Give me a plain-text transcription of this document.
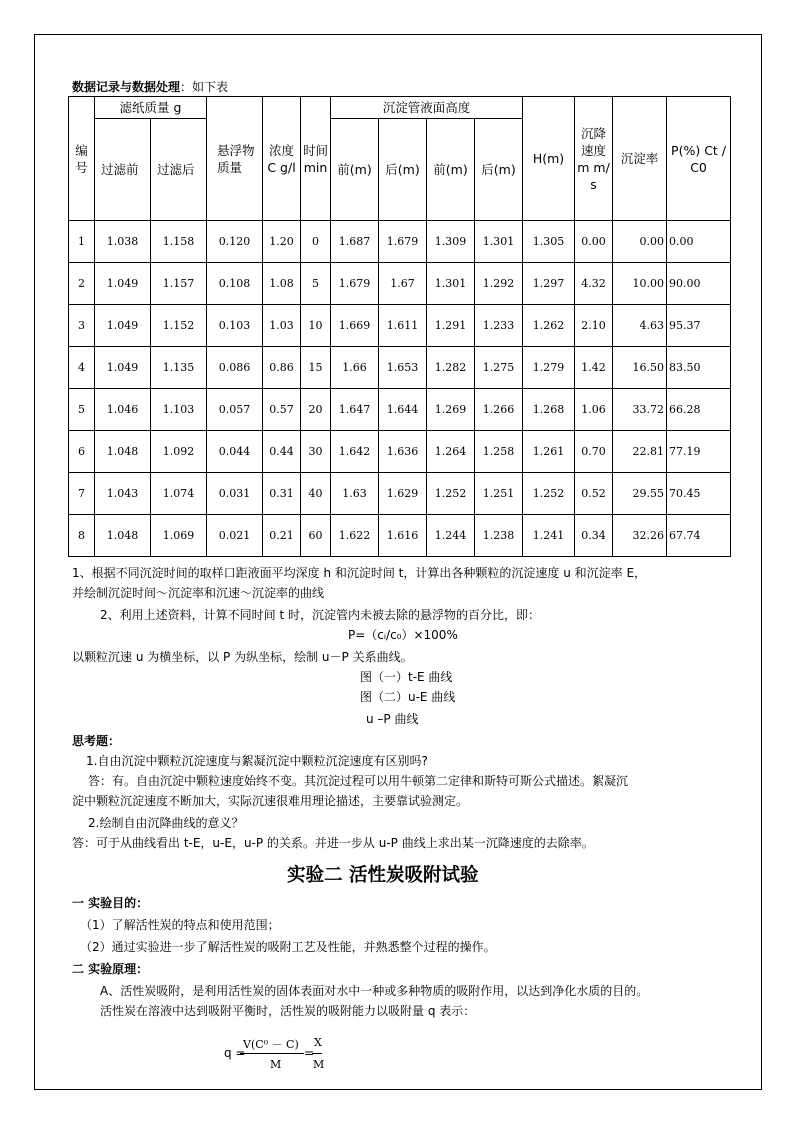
数据记录与数据处理：如下表
编号	滤纸质量 g		悬浮物质量	浓度C g/l	时间 min	沉淀管液面高度				H(m)	沉降速度 m m/s	沉淀率	P(%) Ct /C0
	过滤前	过滤后				前(m)	后(m)	前(m)	后(m)				
1	1.038	1.158	0.120	1.20	0	1.687	1.679	1.309	1.301	1.305	0.00	0.00	0.00
2	1.049	1.157	0.108	1.08	5	1.679	1.67	1.301	1.292	1.297	4.32	10.00	90.00
3	1.049	1.152	0.103	1.03	10	1.669	1.611	1.291	1.233	1.262	2.10	4.63	95.37
4	1.049	1.135	0.086	0.86	15	1.66	1.653	1.282	1.275	1.279	1.42	16.50	83.50
5	1.046	1.103	0.057	0.57	20	1.647	1.644	1.269	1.266	1.268	1.06	33.72	66.28
6	1.048	1.092	0.044	0.44	30	1.642	1.636	1.264	1.258	1.261	0.70	22.81	77.19
7	1.043	1.074	0.031	0.31	40	1.63	1.629	1.252	1.251	1.252	0.52	29.55	70.45
8	1.048	1.069	0.021	0.21	60	1.622	1.616	1.244	1.238	1.241	0.34	32.26	67.74
1、根据不同沉淀时间的取样口距液面平均深度 h 和沉淀时间 t，计算出各种颗粒的沉淀速度 u 和沉淀率 E，
并绘制沉淀时间～沉淀率和沉速～沉淀率的曲线
2、利用上述资料，计算不同时间 t 时，沉淀管内未被去除的悬浮物的百分比，即：
P=（cᵢ/c₀）×100%
以颗粒沉速 u 为横坐标，以 P 为纵坐标，绘制 u－P 关系曲线。
图（一）t-E 曲线
图（二）u-E 曲线
u –P 曲线
思考题：
1.自由沉淀中颗粒沉淀速度与絮凝沉淀中颗粒沉淀速度有区别吗?
答：有。自由沉淀中颗粒速度始终不变。其沉淀过程可以用牛顿第二定律和斯特可斯公式描述。絮凝沉
淀中颗粒沉淀速度不断加大，实际沉速很难用理论描述，主要靠试验测定。
2.绘制自由沉降曲线的意义？
答：可于从曲线看出 t-E，u-E，u-P 的关系。并进一步从 u-P 曲线上求出某一沉降速度的去除率。
实验二 活性炭吸附试验
一 实验目的：
（1）了解活性炭的特点和使用范围；
（2）通过实验进一步了解活性炭的吸附工艺及性能，并熟悉整个过程的操作。
二 实验原理：
A、活性炭吸附，是利用活性炭的固体表面对水中一种或多种物质的吸附作用，以达到净化水质的目的。
活性炭在溶液中达到吸附平衡时，活性炭的吸附能力以吸附量 q 表示：
q =
V(C⁰ － C)
M
=
X
M
